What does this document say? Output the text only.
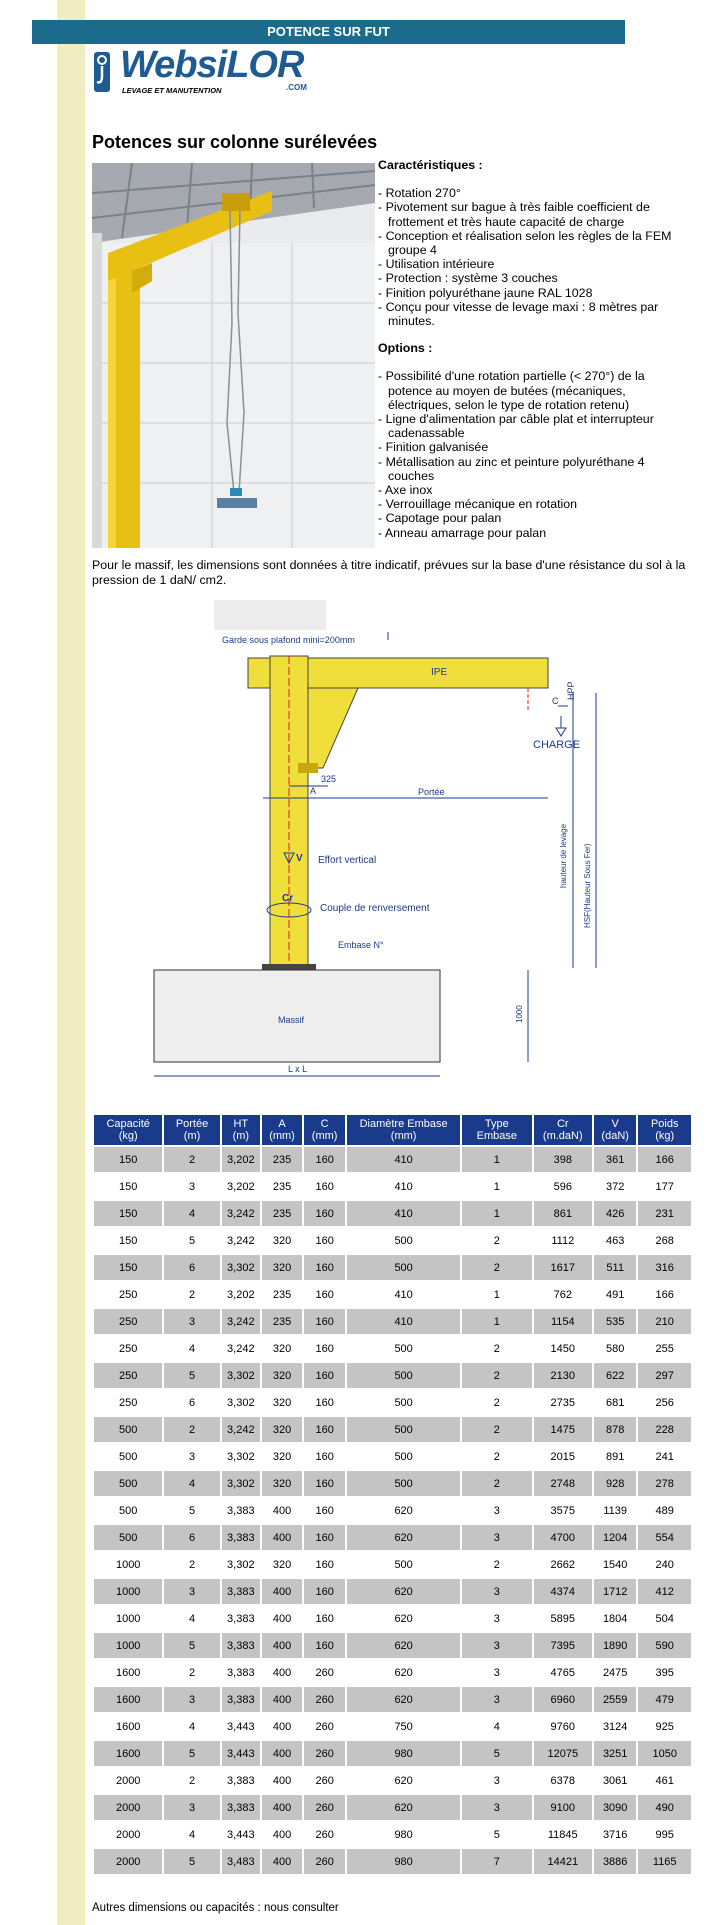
POTENCE SUR FUT
WebsiLOR
.COM
LEVAGE ET MANUTENTION
Potences sur colonne surélevées
Caractéristiques :
- Rotation 270°
- Pivotement sur bague à très faible coefficient de frottement et très haute capacité de charge
- Conception et réalisation selon les règles de la FEM groupe 4
- Utilisation intérieure
- Protection : système 3 couches
- Finition polyuréthane jaune RAL 1028
- Conçu pour vitesse de levage maxi : 8 mètres par minutes.
Options :
- Possibilité d'une rotation partielle (< 270°) de la potence au moyen de butées (mécaniques, électriques, selon le type de rotation retenu)
- Ligne d'alimentation par câble plat et interrupteur cadenassable
- Finition galvanisée
- Métallisation au zinc et peinture polyuréthane 4 couches
- Axe inox
- Verrouillage mécanique en rotation
- Capotage pour palan
- Anneau amarrage pour palan
Pour le massif, les dimensions sont données à titre indicatif, prévues sur la base d'une résistance du sol à la pression de 1 daN/ cm2.
Garde sous plafond mini=200mm
IPE
C
HPP
CHARGE
325
A	Portée
hauteur de levage HSF(Hauteur Sous Fer)
V Effort vertical
Cr
Couple de renversement
Embase N°
Massif	1000
L x L
Capacité (kg)	Portée (m)	HT (m)	A (mm)	C (mm)	Diamètre Embase (mm)	Type Embase	Cr (m.daN)	V (daN)	Poids (kg)
150	2	3,202	235	160	410	1	398	361	166
150	3	3,202	235	160	410	1	596	372	177
150	4	3,242	235	160	410	1	861	426	231
150	5	3,242	320	160	500	2	1112	463	268
150	6	3,302	320	160	500	2	1617	511	316
250	2	3,202	235	160	410	1	762	491	166
250	3	3,242	235	160	410	1	1154	535	210
250	4	3,242	320	160	500	2	1450	580	255
250	5	3,302	320	160	500	2	2130	622	297
250	6	3,302	320	160	500	2	2735	681	256
500	2	3,242	320	160	500	2	1475	878	228
500	3	3,302	320	160	500	2	2015	891	241
500	4	3,302	320	160	500	2	2748	928	278
500	5	3,383	400	160	620	3	3575	1139	489
500	6	3,383	400	160	620	3	4700	1204	554
1000	2	3,302	320	160	500	2	2662	1540	240
1000	3	3,383	400	160	620	3	4374	1712	412
1000	4	3,383	400	160	620	3	5895	1804	504
1000	5	3,383	400	160	620	3	7395	1890	590
1600	2	3,383	400	260	620	3	4765	2475	395
1600	3	3,383	400	260	620	3	6960	2559	479
1600	4	3,443	400	260	750	4	9760	3124	925
1600	5	3,443	400	260	980	5	12075	3251	1050
2000	2	3,383	400	260	620	3	6378	3061	461
2000	3	3,383	400	260	620	3	9100	3090	490
2000	4	3,443	400	260	980	5	11845	3716	995
2000	5	3,483	400	260	980	7	14421	3886	1165
Autres dimensions ou capacités : nous consulter
